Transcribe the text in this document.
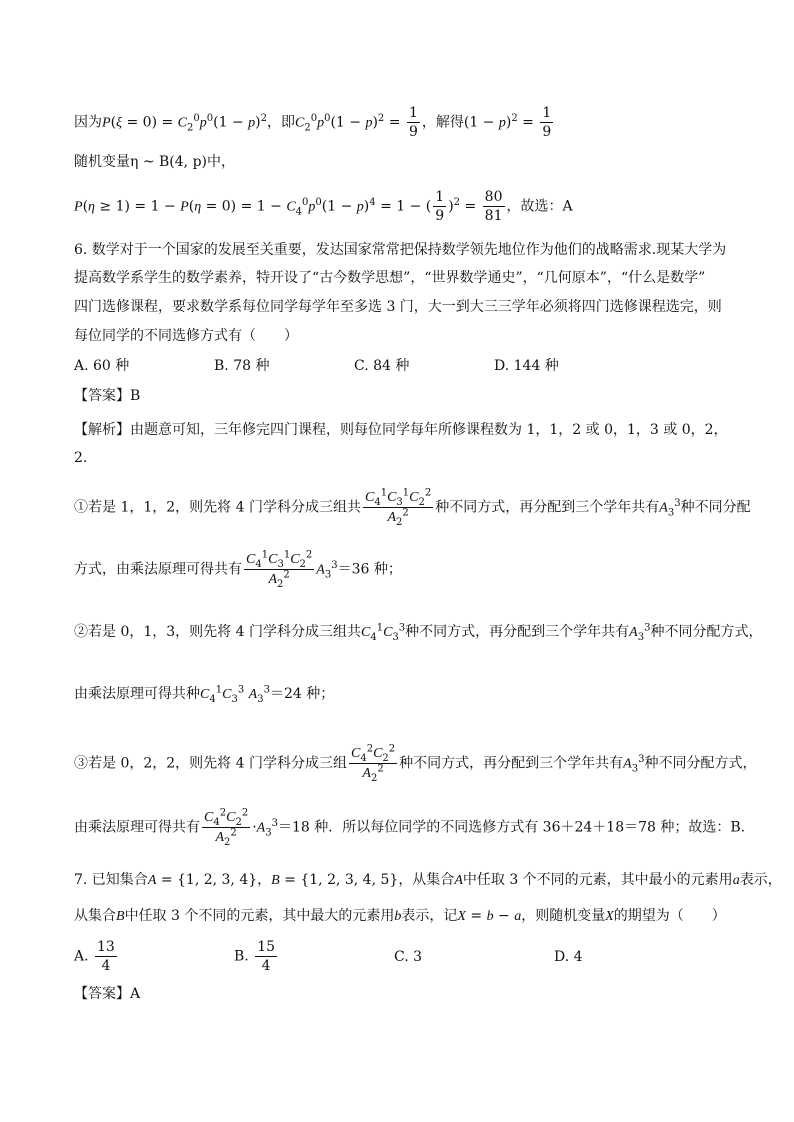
因为$P(\xi = 0) = C_2^0p^0(1 - p)^2$，即$C_2^0p^0(1 - p)^2 = \frac{1}{9}$ ，解得$(1 - p)^2 = \frac{1}{9}$
随机变量η ~ B(4, p)中，
$P(\eta \ge 1) = 1 - P(\eta = 0) = 1 - C_4^0p^0(1 - p)^4 = 1$ − ( $\frac{1}{9} )^2 = \frac{80}{81}$ ，故选：A
6. 数学对于一个国家的发展至关重要，发达国家常常把保持数学领先地位作为他们的战略需求.现某大学为
提高数学系学生的数学素养，特开设了“古今数学思想”，“世界数学通史”，“几何原本”，“什么是数学”
四门选修课程，要求数学系每位同学每学年至多选 3 门，大一到大三三学年必须将四门选修课程选完，则
每位同学的不同选修方式有（　　）
A. 60 种	B. 78 种	C. 84 种	D. 144 种
【答案】B
【解析】由题意可知，三年修完四门课程，则每位同学每年所修课程数为 1，1，2 或 0，1，3 或 0，2，
2.
①若是 1，1，2，则先将 4 门学科分成三组共 $\frac{C_4^1C_3^1C_2^2}{A_2^2}$ 种不同方式，再分配到三个学年共有$A_3^3$种不同分配
方式，由乘法原理可得共有 $\frac{C_4^1C_3^1C_2^2}{A_2^2} A_3^3=36$ 种；
②若是 0，1，3，则先将 4 门学科分成三组共$C_4^1C_3^3$种不同方式，再分配到三个学年共有$A_3^3$种不同分配方式，
由乘法原理可得共种$C_4^1C_3^3$ $A_3^3=24$ 种；
③若是 0，2，2，则先将 4 门学科分成三组 $\frac{C_4^2C_2^2}{A_2^2}$ 种不同方式，再分配到三个学年共有$A_3^3$种不同分配方式，
由乘法原理可得共有 $\frac{C_4^2C_2^2}{A_2^2} \cdot A_3^3=18$ 种．所以每位同学的不同选修方式有 36＋24＋18＝78 种；故选：B.
7. 已知集合A = {1, 2, 3, 4}，B = {1, 2, 3, 4, 5}，从集合A中任取 3 个不同的元素，其中最小的元素用a表示，
从集合B中任取 3 个不同的元素，其中最大的元素用b表示，记X = b − a，则随机变量X的期望为（　　）
A. $\frac{13}{4}$	B. $\frac{15}{4}$	C. 3	D. 4
【答案】A
